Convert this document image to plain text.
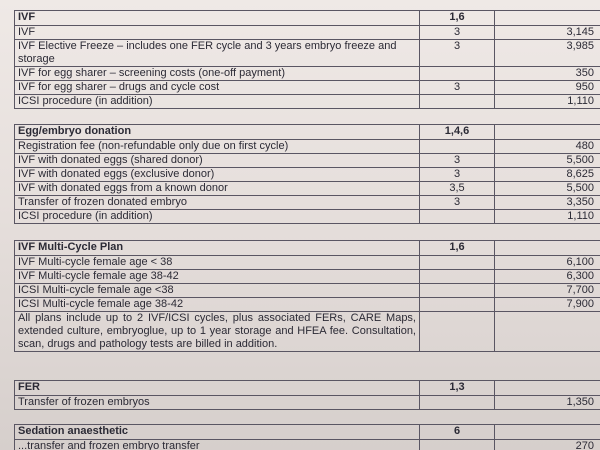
IVF	1,6	
IVF	3	3,145
IVF Elective Freeze – includes one FER cycle and 3 years embryo freeze and storage	3	3,985
IVF for egg sharer – screening costs (one-off payment)		350
IVF for egg sharer – drugs and cycle cost	3	950
ICSI procedure (in addition)		1,110
Egg/embryo donation	1,4,6	
Registration fee (non-refundable only due on first cycle)		480
IVF with donated eggs (shared donor)	3	5,500
IVF with donated eggs (exclusive donor)	3	8,625
IVF with donated eggs from a known donor	3,5	5,500
Transfer of frozen donated embryo	3	3,350
ICSI procedure (in addition)		1,110
IVF Multi-Cycle Plan	1,6	
IVF Multi-cycle female age < 38		6,100
IVF Multi-cycle female age 38-42		6,300
ICSI Multi-cycle female age <38		7,700
ICSI Multi-cycle female age 38-42		7,900
All plans include up to 2 IVF/ICSI cycles, plus associated FERs, CARE Maps, extended culture, embryoglue, up to 1 year storage and HFEA fee. Consultation, scan, drugs and pathology tests are billed in addition.		
FER	1,3	
Transfer of frozen embryos		1,350
Sedation anaesthetic	6	
...transfer and frozen embryo transfer		270
